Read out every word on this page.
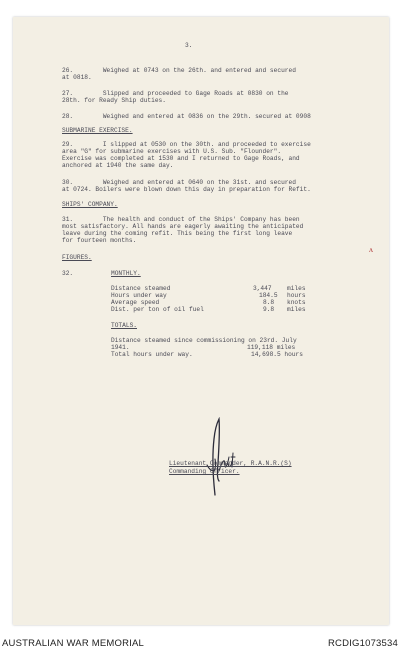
3.
26.        Weighed at 0743 on the 26th. and entered and secured
at 0818.
27.        Slipped and proceeded to Gage Roads at 0830 on the
28th. for Ready Ship duties.
28.        Weighed and entered at 0836 on the 29th. secured at 0908
SUBMARINE EXERCISE.
29.        I slipped at 0530 on the 30th. and proceeded to exercise
area "G" for submarine exercises with U.S. Sub. "Flounder".
Exercise was completed at 1530 and I returned to Gage Roads, and
anchored at 1940 the same day.
30.        Weighed and entered at 0640 on the 31st. and secured
at 0724. Boilers were blown down this day in preparation for Refit.
SHIPS' COMPANY.
31.        The health and conduct of the Ships' Company has been
most satisfactory. All hands are eagerly awaiting the anticipated
leave during the coming refit. This being the first long leave
for fourteen months.
ᴧ
FIGURES.
32.	MONTHLY.
Distance steamed	3,447 miles
Hours under way	184.5 hours
Average speed	8.8 knots
Dist. per ton of oil fuel	9.8 miles
TOTALS.
Distance steamed since commissioning on 23rd. July
1941.	119,118 miles
Total hours under way.	14,698.5 hours
Lieutenant Commander, R.A.N.R.(S)
Commanding Officer.
AUSTRALIAN WAR MEMORIAL	RCDIG1073534
